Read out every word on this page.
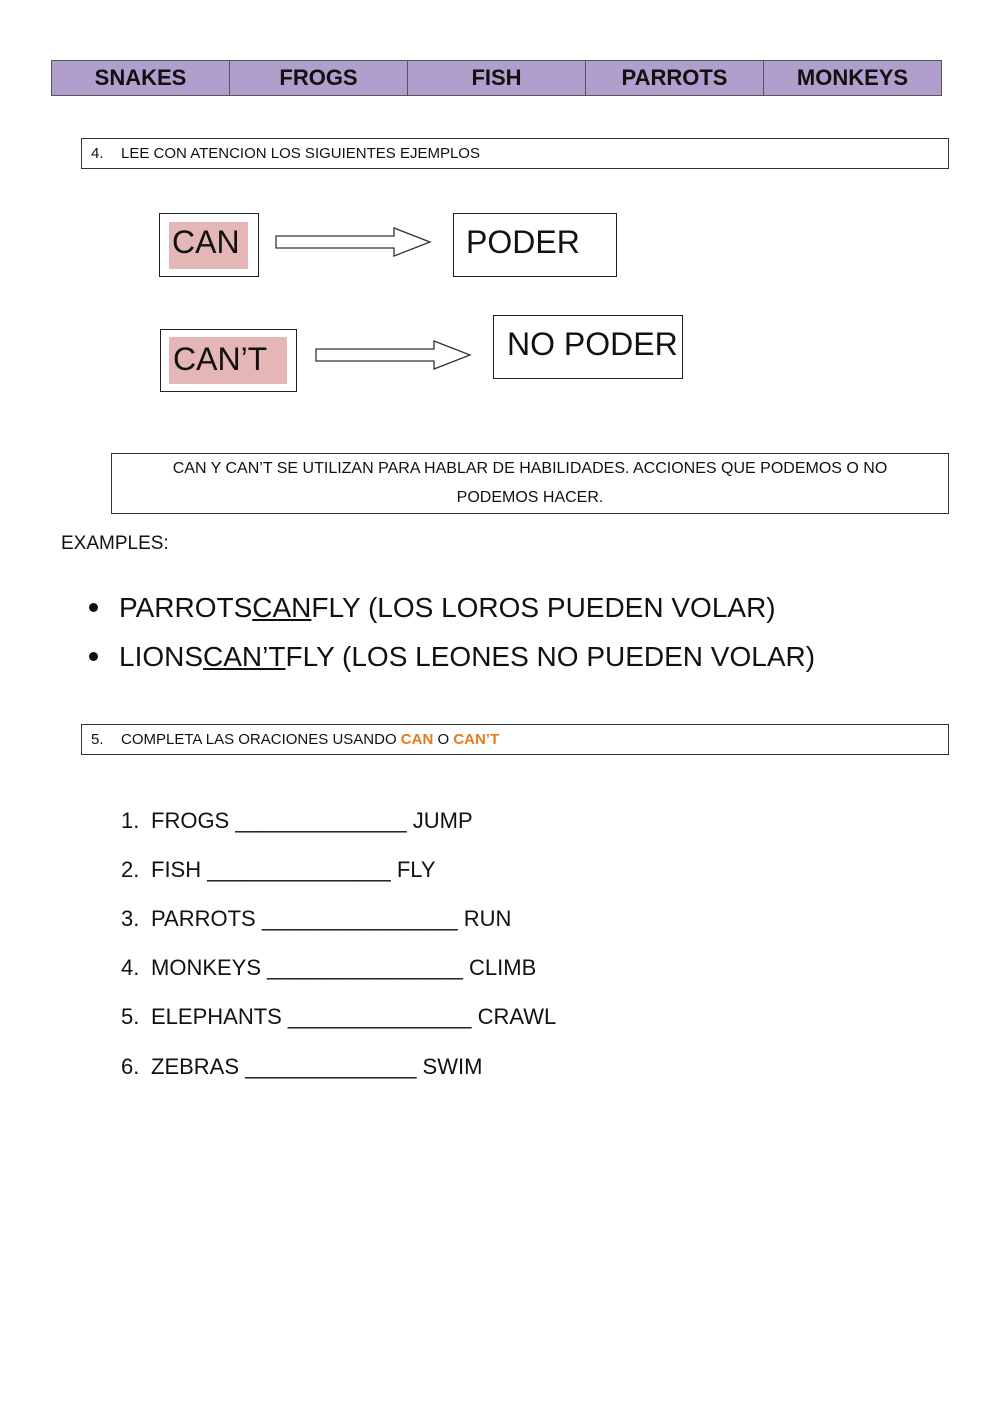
SNAKES	FROGS	FISH	PARROTS	MONKEYS
4.	LEE CON ATENCION LOS SIGUIENTES EJEMPLOS
CAN	PODER
CAN’T	NO PODER
CAN Y CAN’T SE UTILIZAN PARA HABLAR DE HABILIDADES. ACCIONES QUE PODEMOS O NO
PODEMOS HACER.
EXAMPLES:
PARROTS CAN FLY (LOS LOROS PUEDEN VOLAR)
LIONS CAN’T FLY (LOS LEONES NO PUEDEN VOLAR)
5.	COMPLETA LAS ORACIONES USANDO CAN O CAN’T
1. FROGS ______________ JUMP
2. FISH _______________ FLY
3. PARROTS ________________ RUN
4. MONKEYS ________________ CLIMB
5. ELEPHANTS _______________ CRAWL
6. ZEBRAS ______________ SWIM
